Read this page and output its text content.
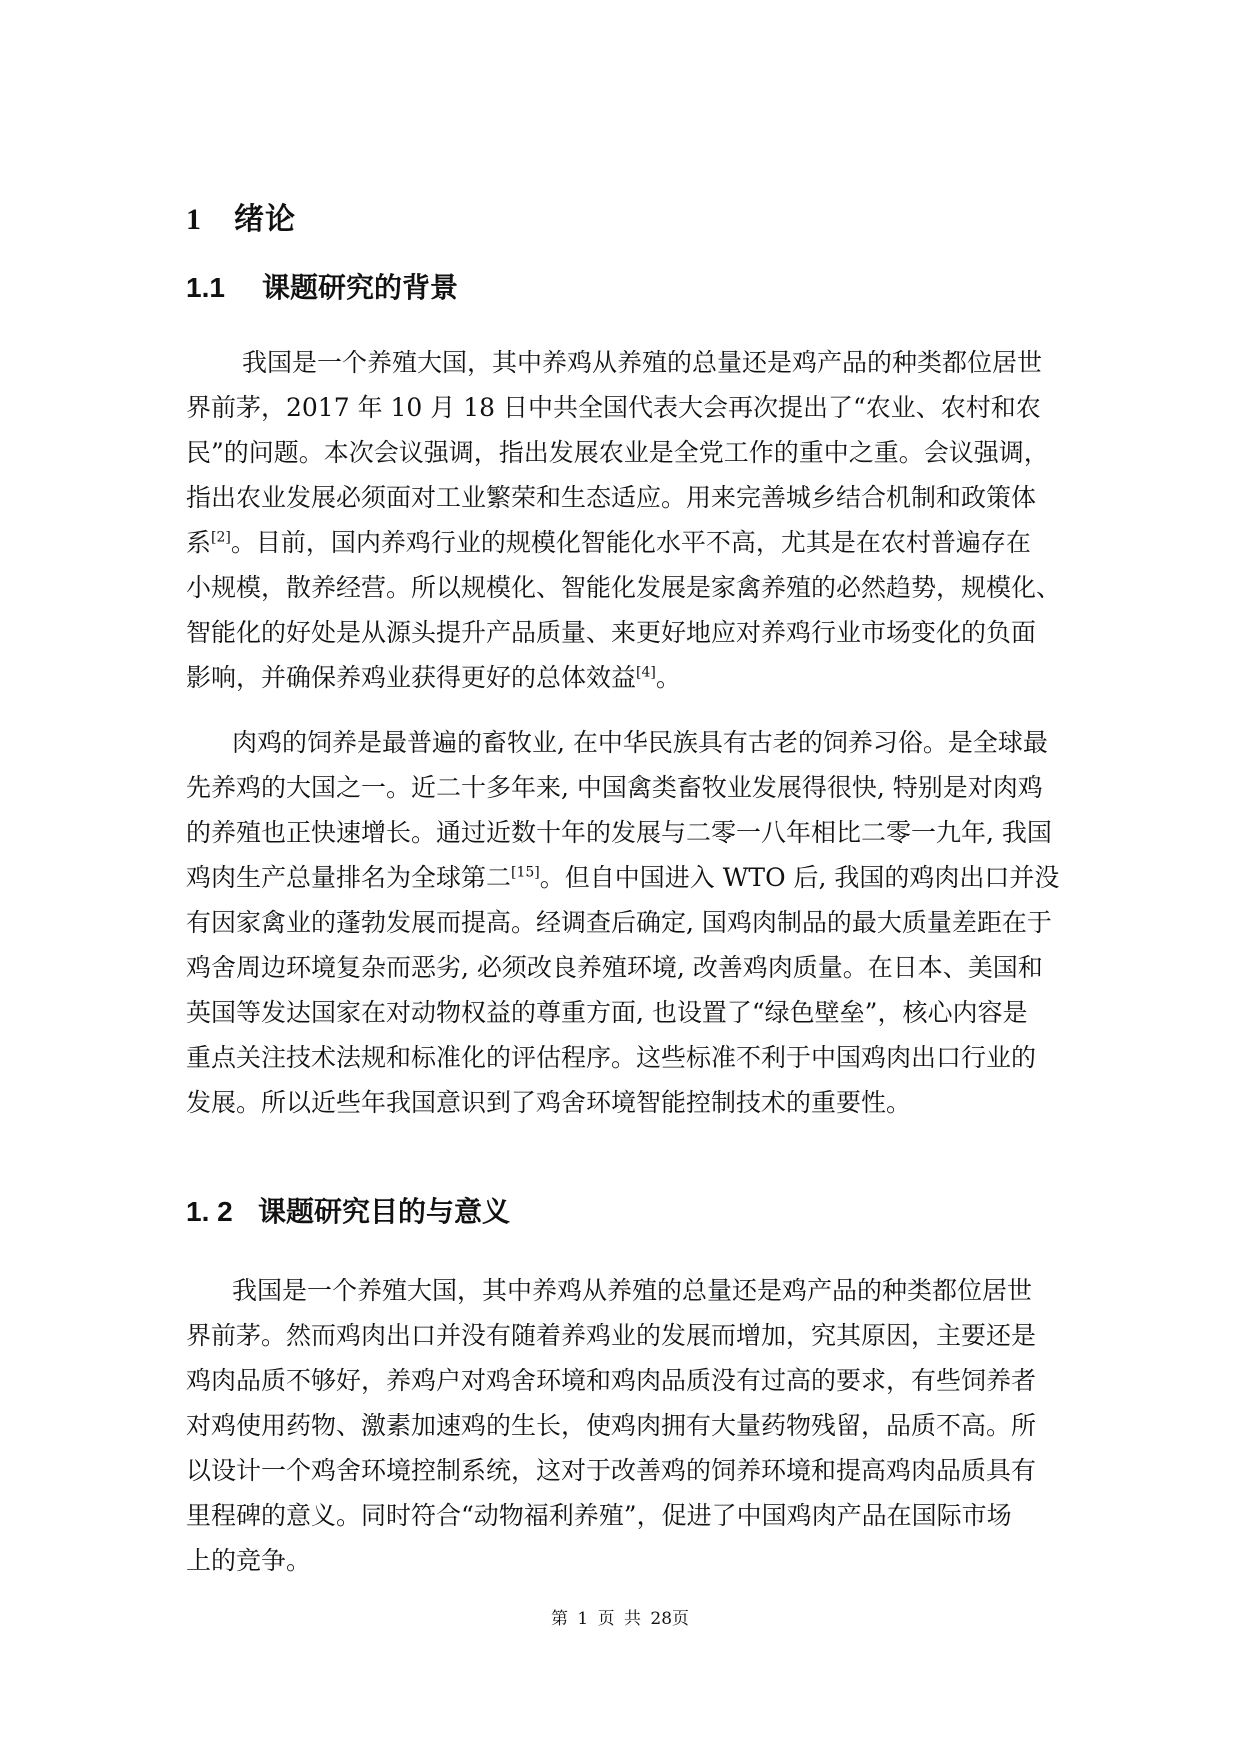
1 绪论
1.1 课题研究的背景
我国是一个养殖大国，其中养鸡从养殖的总量还是鸡产品的种类都位居世
界前茅，2017 年 10 月 18 日中共全国代表大会再次提出了“农业、农村和农
民”的问题。本次会议强调，指出发展农业是全党工作的重中之重。会议强调，
指出农业发展必须面对工业繁荣和生态适应。用来完善城乡结合机制和政策体
系[2]。目前，国内养鸡行业的规模化智能化水平不高，尤其是在农村普遍存在
小规模，散养经营。所以规模化、智能化发展是家禽养殖的必然趋势，规模化、
智能化的好处是从源头提升产品质量、来更好地应对养鸡行业市场变化的负面
影响，并确保养鸡业获得更好的总体效益[4]。
肉鸡的饲养是最普遍的畜牧业, 在中华民族具有古老的饲养习俗。是全球最
先养鸡的大国之一。近二十多年来, 中国禽类畜牧业发展得很快, 特别是对肉鸡
的养殖也正快速增长。通过近数十年的发展与二零一八年相比二零一九年, 我国
鸡肉生产总量排名为全球第二[15]。但自中国进入 WTO 后, 我国的鸡肉出口并没
有因家禽业的蓬勃发展而提高。经调查后确定, 国鸡肉制品的最大质量差距在于
鸡舍周边环境复杂而恶劣, 必须改良养殖环境, 改善鸡肉质量。在日本、美国和
英国等发达国家在对动物权益的尊重方面, 也设置了“绿色壁垒”，核心内容是
重点关注技术法规和标准化的评估程序。这些标准不利于中国鸡肉出口行业的
发展。所以近些年我国意识到了鸡舍环境智能控制技术的重要性。
1. 2 课题研究目的与意义
我国是一个养殖大国，其中养鸡从养殖的总量还是鸡产品的种类都位居世
界前茅。然而鸡肉出口并没有随着养鸡业的发展而增加，究其原因，主要还是
鸡肉品质不够好，养鸡户对鸡舍环境和鸡肉品质没有过高的要求，有些饲养者
对鸡使用药物、激素加速鸡的生长，使鸡肉拥有大量药物残留，品质不高。所
以设计一个鸡舍环境控制系统，这对于改善鸡的饲养环境和提高鸡肉品质具有
里程碑的意义。同时符合“动物福利养殖”，促进了中国鸡肉产品在国际市场
上的竞争。
第 1 页 共 28页
